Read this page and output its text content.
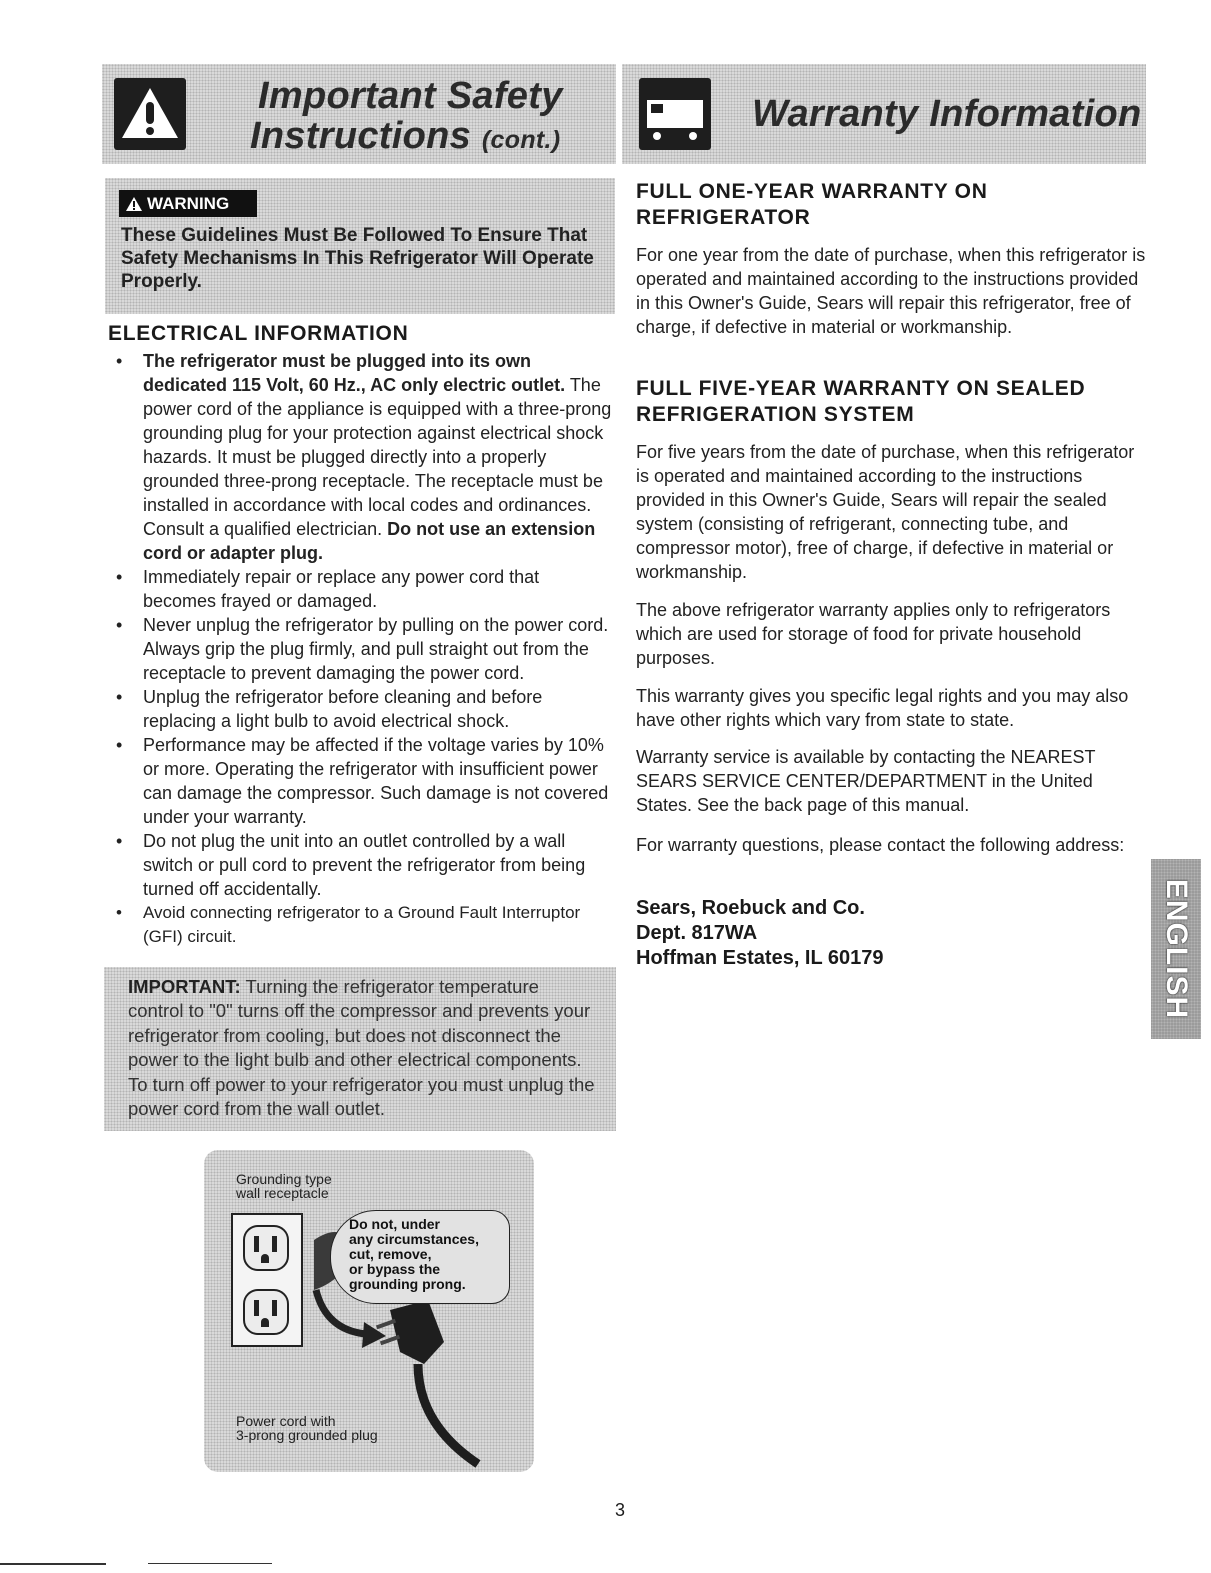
Important Safety
Instructions (cont.)
Warranty Information
WARNING
These Guidelines Must Be Followed To Ensure That Safety Mechanisms In This Refrigerator Will Operate Properly.
ELECTRICAL INFORMATION
• The refrigerator must be plugged into its own dedicated 115 Volt, 60 Hz., AC only electric outlet. The power cord of the appliance is equipped with a three-prong grounding plug for your protection against electrical shock hazards. It must be plugged directly into a properly grounded three-prong receptacle. The receptacle must be installed in accordance with local codes and ordinances. Consult a qualified electrician. Do not use an extension cord or adapter plug.
• Immediately repair or replace any power cord that becomes frayed or damaged.
• Never unplug the refrigerator by pulling on the power cord. Always grip the plug firmly, and pull straight out from the receptacle to prevent damaging the power cord.
• Unplug the refrigerator before cleaning and before replacing a light bulb to avoid electrical shock.
• Performance may be affected if the voltage varies by 10% or more. Operating the refrigerator with insufficient power can damage the compressor. Such damage is not covered under your warranty.
• Do not plug the unit into an outlet controlled by a wall switch or pull cord to prevent the refrigerator from being turned off accidentally.
• Avoid connecting refrigerator to a Ground Fault Interruptor (GFI) circuit.
IMPORTANT: Turning the refrigerator temperature control to "0" turns off the compressor and prevents your refrigerator from cooling, but does not disconnect the power to the light bulb and other electrical components. To turn off power to your refrigerator you must unplug the power cord from the wall outlet.
Grounding type
wall receptacle
Power cord with
3-prong grounded plug
Do not, under
any circumstances,
cut, remove,
or bypass the
grounding prong.
FULL ONE-YEAR WARRANTY ON
REFRIGERATOR

For one year from the date of purchase, when this refrigerator is operated and maintained according to the instructions provided in this Owner's Guide, Sears will repair this refrigerator, free of charge, if defective in material or workmanship.

FULL FIVE-YEAR WARRANTY ON SEALED
REFRIGERATION SYSTEM

For five years from the date of purchase, when this refrigerator is operated and maintained according to the instructions provided in this Owner's Guide, Sears will repair the sealed system (consisting of refrigerant, connecting tube, and compressor motor), free of charge, if defective in material or workmanship.

The above refrigerator warranty applies only to refrigerators which are used for storage of food for private household purposes.

This warranty gives you specific legal rights and you may also have other rights which vary from state to state.

Warranty service is available by contacting the NEAREST SEARS SERVICE CENTER/DEPARTMENT in the United States. See the back page of this manual.

For warranty questions, please contact the following address:

Sears, Roebuck and Co.
Dept. 817WA
Hoffman Estates, IL 60179	ENGLISH
3
